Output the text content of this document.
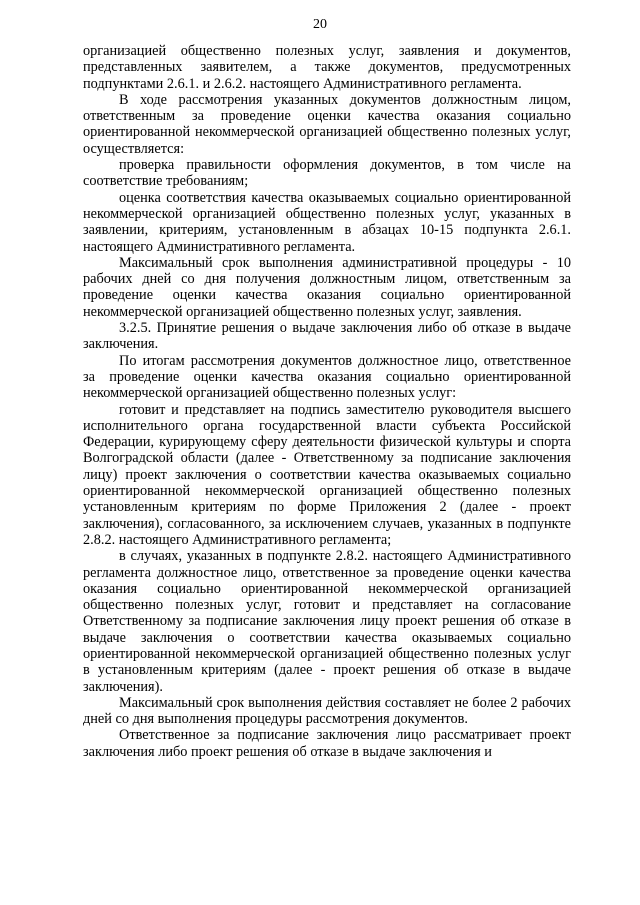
20

организацией общественно полезных услуг, заявления и документов, представленных заявителем, а также документов, предусмотренных подпунктами 2.6.1. и 2.6.2. настоящего Административного регламента.

В ходе рассмотрения указанных документов должностным лицом, ответственным за проведение оценки качества оказания социально ориентированной некоммерческой организацией общественно полезных услуг, осуществляется:

проверка правильности оформления документов, в том числе на соответствие требованиям;

оценка соответствия качества оказываемых социально ориентированной некоммерческой организацией общественно полезных услуг, указанных в заявлении, критериям, установленным в абзацах 10-15 подпункта 2.6.1. настоящего Административного регламента.

Максимальный срок выполнения административной процедуры - 10 рабочих дней со дня получения должностным лицом, ответственным за проведение оценки качества оказания социально ориентированной некоммерческой организацией общественно полезных услуг, заявления.

3.2.5. Принятие решения о выдаче заключения либо об отказе в выдаче заключения.

По итогам рассмотрения документов должностное лицо, ответственное за проведение оценки качества оказания социально ориентированной некоммерческой организацией общественно полезных услуг:

готовит и представляет на подпись заместителю руководителя высшего исполнительного органа государственной власти субъекта Российской Федерации, курирующему сферу деятельности физической культуры и спорта Волгоградской области (далее - Ответственному за подписание заключения лицу) проект заключения о соответствии качества оказываемых социально ориентированной некоммерческой организацией общественно полезных установленным критериям по форме Приложения 2 (далее - проект заключения), согласованного, за исключением случаев, указанных в подпункте 2.8.2. настоящего Административного регламента;

в случаях, указанных в подпункте 2.8.2. настоящего Административного регламента должностное лицо, ответственное за проведение оценки качества оказания социально ориентированной некоммерческой организацией общественно полезных услуг, готовит и представляет на согласование Ответственному за подписание заключения лицу проект решения об отказе в выдаче заключения о соответствии качества оказываемых социально ориентированной некоммерческой организацией общественно полезных услуг в установленным критериям (далее - проект решения об отказе в выдаче заключения).

Максимальный срок выполнения действия составляет не более 2 рабочих дней со дня выполнения процедуры рассмотрения документов.

Ответственное за подписание заключения лицо рассматривает проект заключения либо проект решения об отказе в выдаче заключения и
